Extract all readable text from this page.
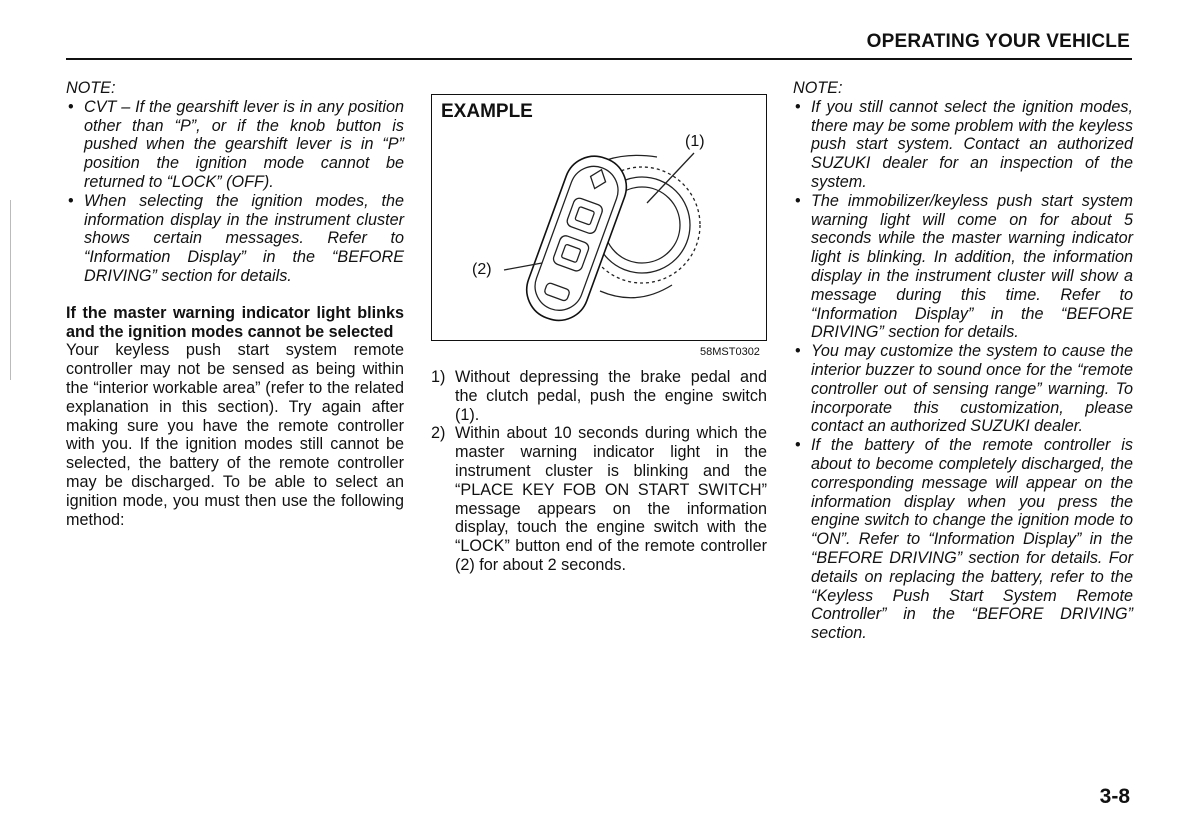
OPERATING YOUR VEHICLE
NOTE:
• CVT – If the gearshift lever is in any position other than “P”, or if the knob button is pushed when the gearshift lever is in “P” position the ignition mode cannot be returned to “LOCK” (OFF).
• When selecting the ignition modes, the information display in the instrument cluster shows certain messages. Refer to “Information Display” in the “BEFORE DRIVING” section for details.
If the master warning indicator light blinks and the ignition modes cannot be selected
Your keyless push start system remote controller may not be sensed as being within the “interior workable area” (refer to the related explanation in this section). Try again after making sure you have the remote controller with you. If the ignition modes still cannot be selected, the battery of the remote controller may be discharged. To be able to select an ignition mode, you must then use the following method:
EXAMPLE
(1)
(2)
58MST0302
1) Without depressing the brake pedal and the clutch pedal, push the engine switch (1).
2) Within about 10 seconds during which the master warning indicator light in the instrument cluster is blinking and the “PLACE KEY FOB ON START SWITCH” message appears on the information display, touch the engine switch with the “LOCK” button end of the remote controller (2) for about 2 seconds.
NOTE:
• If you still cannot select the ignition modes, there may be some problem with the keyless push start system. Contact an authorized SUZUKI dealer for an inspection of the system.
• The immobilizer/keyless push start system warning light will come on for about 5 seconds while the master warning indicator light is blinking. In addition, the information display in the instrument cluster will show a message during this time. Refer to “Information Display” in the “BEFORE DRIVING” section for details.
• You may customize the system to cause the interior buzzer to sound once for the “remote controller out of sensing range” warning. To incorporate this customization, please contact an authorized SUZUKI dealer.
• If the battery of the remote controller is about to become completely discharged, the corresponding message will appear on the information display when you press the engine switch to change the ignition mode to “ON”. Refer to “Information Display” in the “BEFORE DRIVING” section for details. For details on replacing the battery, refer to the “Keyless Push Start System Remote Controller” in the “BEFORE DRIVING” section.
3-8
